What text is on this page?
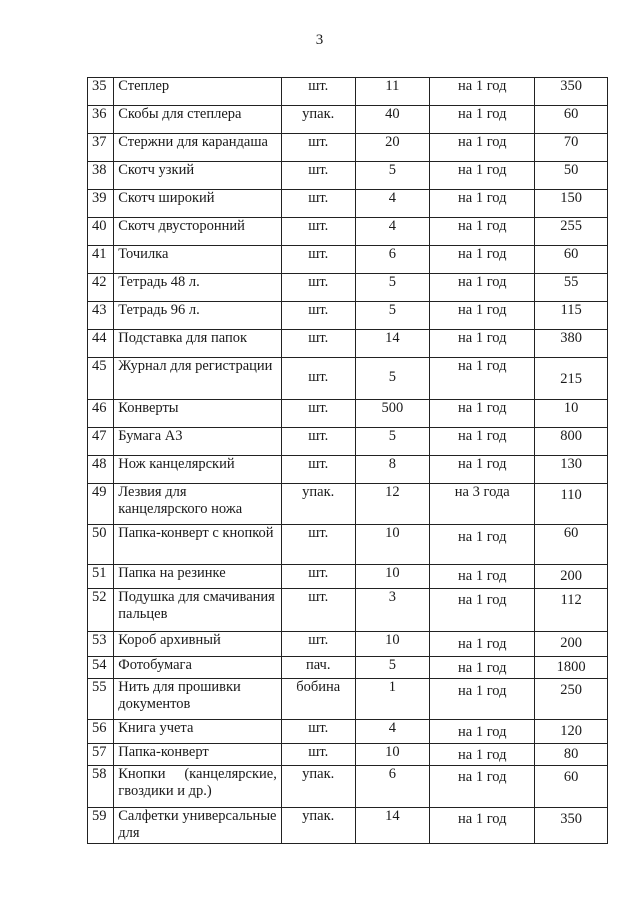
3
35	Степлер	шт.	11	на 1 год	350
36	Скобы для степлера	упак.	40	на 1 год	60
37	Стержни для карандаша	шт.	20	на 1 год	70
38	Скотч узкий	шт.	5	на 1 год	50
39	Скотч широкий	шт.	4	на 1 год	150
40	Скотч двусторонний	шт.	4	на 1 год	255
41	Точилка	шт.	6	на 1 год	60
42	Тетрадь 48 л.	шт.	5	на 1 год	55
43	Тетрадь 96 л.	шт.	5	на 1 год	115
44	Подставка для папок	шт.	14	на 1 год	380
45	Журнал для регистрации	шт.	5	на 1 год	215
46	Конверты	шт.	500	на 1 год	10
47	Бумага А3	шт.	5	на 1 год	800
48	Нож канцелярский	шт.	8	на 1 год	130
49	Лезвия для канцелярского ножа	упак.	12	на 3 года	110
50	Папка-конверт с кнопкой	шт.	10	на 1 год	60
51	Папка на резинке	шт.	10	на 1 год	200
52	Подушка для смачивания пальцев	шт.	3	на 1 год	112
53	Короб архивный	шт.	10	на 1 год	200
54	Фотобумага	пач.	5	на 1 год	1800
55	Нить для прошивки документов	бобина	1	на 1 год	250
56	Книга учета	шт.	4	на 1 год	120
57	Папка-конверт	шт.	10	на 1 год	80
58	Кнопки (канцелярские, гвоздики и др.)	упак.	6	на 1 год	60
59	Салфетки универсальные для	упак.	14	на 1 год	350
